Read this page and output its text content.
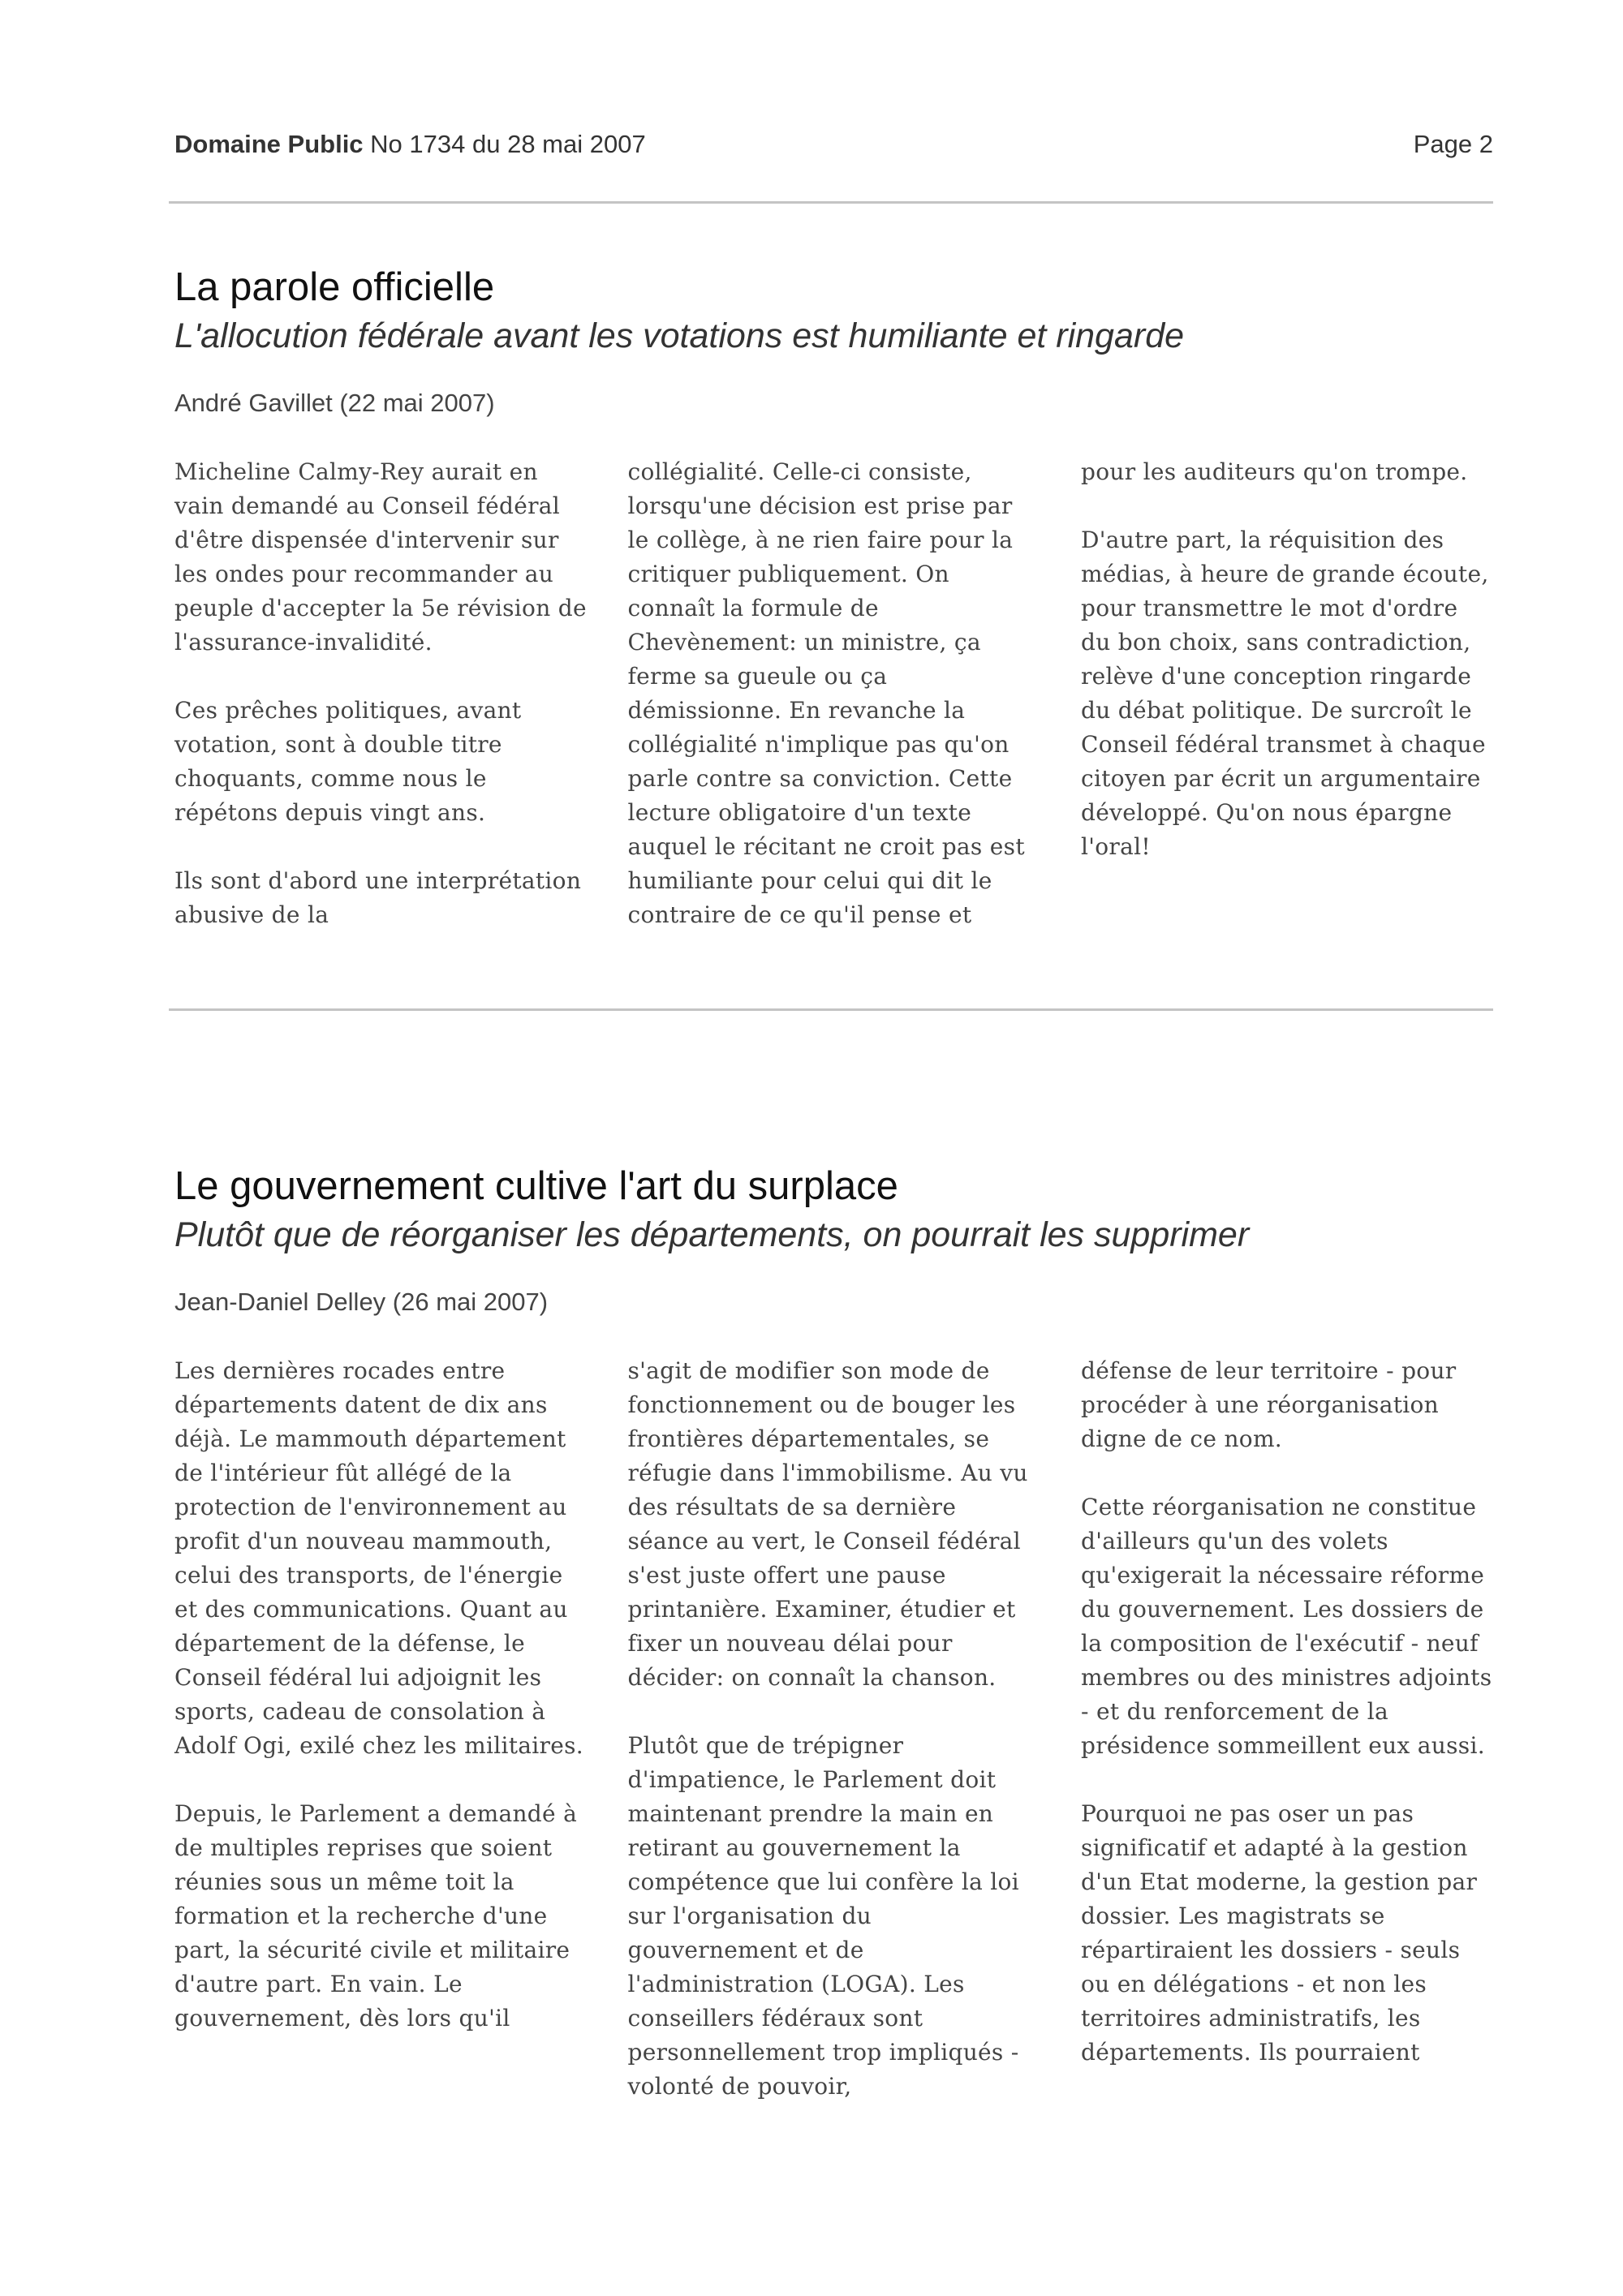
Domaine Public No 1734 du 28 mai 2007	Page 2
La parole officielle
L'allocution fédérale avant les votations est humiliante et ringarde
André Gavillet (22 mai 2007)

Micheline Calmy-Rey aurait en vain demandé au Conseil fédéral d'être dispensée d'intervenir sur les ondes pour recommander au peuple d'accepter la 5e révision de l'assurance-invalidité.

Ces prêches politiques, avant votation, sont à double titre choquants, comme nous le répétons depuis vingt ans.

Ils sont d'abord une interprétation abusive de la

collégialité. Celle-ci consiste, lorsqu'une décision est prise par le collège, à ne rien faire pour la critiquer publiquement. On connaît la formule de Chevènement: un ministre, ça ferme sa gueule ou ça démissionne. En revanche la collégialité n'implique pas qu'on parle contre sa conviction. Cette lecture obligatoire d'un texte auquel le récitant ne croit pas est humiliante pour celui qui dit le contraire de ce qu'il pense et

pour les auditeurs qu'on trompe.

D'autre part, la réquisition des médias, à heure de grande écoute, pour transmettre le mot d'ordre du bon choix, sans contradiction, relève d'une conception ringarde du débat politique. De surcroît le Conseil fédéral transmet à chaque citoyen par écrit un argumentaire développé. Qu'on nous épargne l'oral!

Le gouvernement cultive l'art du surplace
Plutôt que de réorganiser les départements, on pourrait les supprimer
Jean-Daniel Delley (26 mai 2007)

Les dernières rocades entre départements datent de dix ans déjà. Le mammouth département de l'intérieur fût allégé de la protection de l'environnement au profit d'un nouveau mammouth, celui des transports, de l'énergie et des communications. Quant au département de la défense, le Conseil fédéral lui adjoignit les sports, cadeau de consolation à Adolf Ogi, exilé chez les militaires.

Depuis, le Parlement a demandé à de multiples reprises que soient réunies sous un même toit la formation et la recherche d'une part, la sécurité civile et militaire d'autre part. En vain. Le gouvernement, dès lors qu'il

s'agit de modifier son mode de fonctionnement ou de bouger les frontières départementales, se réfugie dans l'immobilisme. Au vu des résultats de sa dernière séance au vert, le Conseil fédéral s'est juste offert une pause printanière. Examiner, étudier et fixer un nouveau délai pour décider: on connaît la chanson.

Plutôt que de trépigner d'impatience, le Parlement doit maintenant prendre la main en retirant au gouvernement la compétence que lui confère la loi sur l'organisation du gouvernement et de l'administration (LOGA). Les conseillers fédéraux sont personnellement trop impliqués - volonté de pouvoir,

défense de leur territoire - pour procéder à une réorganisation digne de ce nom.

Cette réorganisation ne constitue d'ailleurs qu'un des volets qu'exigerait la nécessaire réforme du gouvernement. Les dossiers de la composition de l'exécutif - neuf membres ou des ministres adjoints - et du renforcement de la présidence sommeillent eux aussi.

Pourquoi ne pas oser un pas significatif et adapté à la gestion d'un Etat moderne, la gestion par dossier. Les magistrats se répartiraient les dossiers - seuls ou en délégations - et non les territoires administratifs, les départements. Ils pourraient
